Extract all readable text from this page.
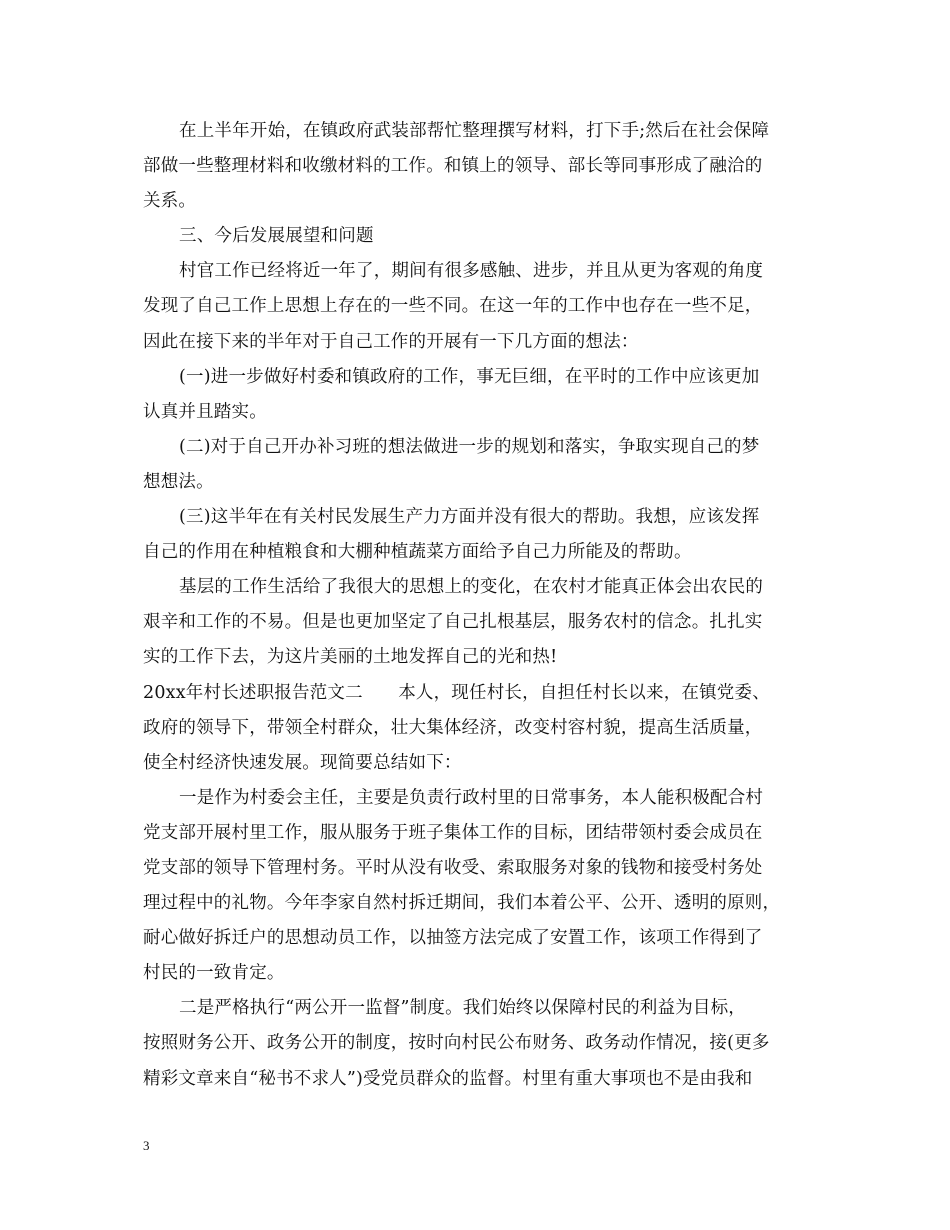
在上半年开始，在镇政府武装部帮忙整理撰写材料，打下手;然后在社会保障
部做一些整理材料和收缴材料的工作。和镇上的领导、部长等同事形成了融洽的
关系。
三、今后发展展望和问题
村官工作已经将近一年了，期间有很多感触、进步，并且从更为客观的角度
发现了自己工作上思想上存在的一些不同。在这一年的工作中也存在一些不足，
因此在接下来的半年对于自己工作的开展有一下几方面的想法：
(一)进一步做好村委和镇政府的工作，事无巨细，在平时的工作中应该更加
认真并且踏实。
(二)对于自己开办补习班的想法做进一步的规划和落实，争取实现自己的梦
想想法。
(三)这半年在有关村民发展生产力方面并没有很大的帮助。我想，应该发挥
自己的作用在种植粮食和大棚种植蔬菜方面给予自己力所能及的帮助。
基层的工作生活给了我很大的思想上的变化，在农村才能真正体会出农民的
艰辛和工作的不易。但是也更加坚定了自己扎根基层，服务农村的信念。扎扎实
实的工作下去，为这片美丽的土地发挥自己的光和热!
20xx年村长述职报告范文二　　本人，现任村长，自担任村长以来，在镇党委、
政府的领导下，带领全村群众，壮大集体经济，改变村容村貌，提高生活质量，
使全村经济快速发展。现简要总结如下：
一是作为村委会主任，主要是负责行政村里的日常事务，本人能积极配合村
党支部开展村里工作，服从服务于班子集体工作的目标，团结带领村委会成员在
党支部的领导下管理村务。平时从没有收受、索取服务对象的钱物和接受村务处
理过程中的礼物。今年李家自然村拆迁期间，我们本着公平、公开、透明的原则，
耐心做好拆迁户的思想动员工作，以抽签方法完成了安置工作，该项工作得到了
村民的一致肯定。
二是严格执行“两公开一监督”制度。我们始终以保障村民的利益为目标，
按照财务公开、政务公开的制度，按时向村民公布财务、政务动作情况，接(更多
精彩文章来自“秘书不求人”)受党员群众的监督。村里有重大事项也不是由我和
3
